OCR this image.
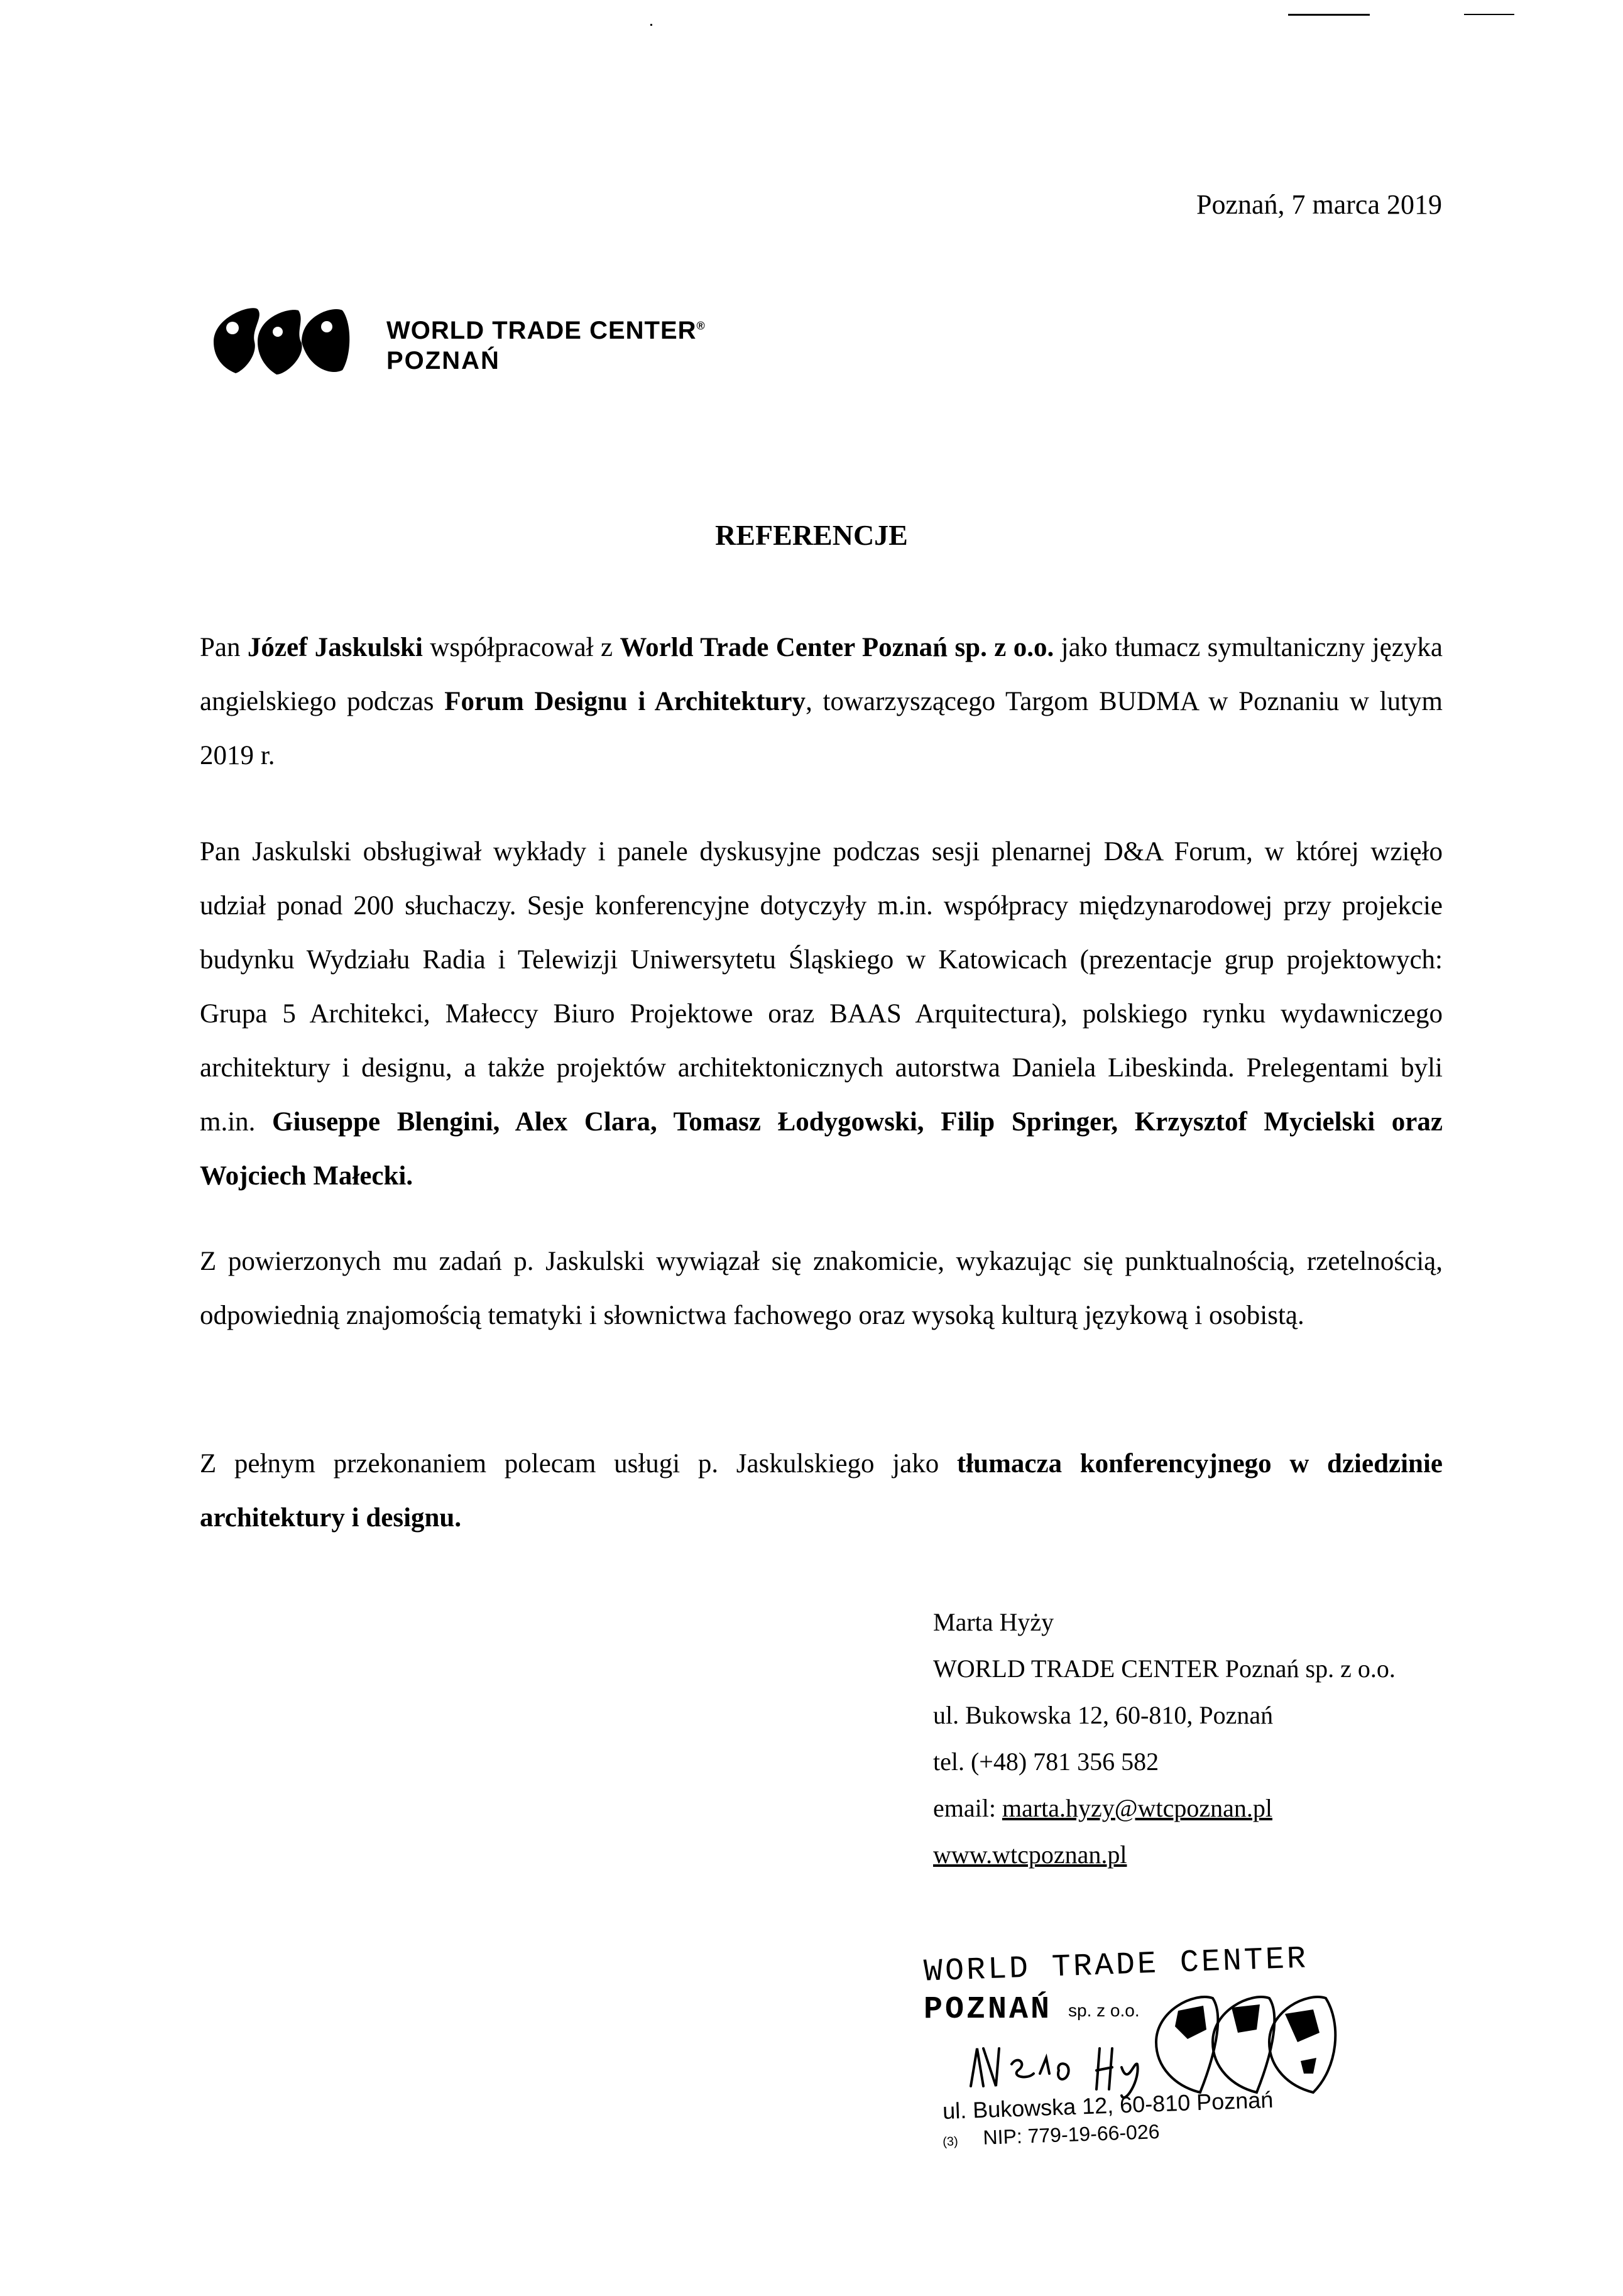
Poznań, 7 marca 2019
WORLD TRADE CENTER®
POZNAŃ
REFERENCJE
Pan Józef Jaskulski współpracował z World Trade Center Poznań sp. z o.o. jako tłumacz symultaniczny języka angielskiego podczas Forum Designu i Architektury, towarzyszącego Targom BUDMA w Poznaniu w lutym 2019 r.
Pan Jaskulski obsługiwał wykłady i panele dyskusyjne podczas sesji plenarnej D&A Forum, w której wzięło udział ponad 200 słuchaczy. Sesje konferencyjne dotyczyły m.in. współpracy międzynarodowej przy projekcie budynku Wydziału Radia i Telewizji Uniwersytetu Śląskiego w Katowicach (prezentacje grup projektowych: Grupa 5 Architekci, Małeccy Biuro Projektowe oraz BAAS Arquitectura), polskiego rynku wydawniczego architektury i designu, a także projektów architektonicznych autorstwa Daniela Libeskinda. Prelegentami byli m.in. Giuseppe Blengini, Alex Clara, Tomasz Łodygowski, Filip Springer, Krzysztof Mycielski oraz Wojciech Małecki.
Z powierzonych mu zadań p. Jaskulski wywiązał się znakomicie, wykazując się punktualnością, rzetelnością, odpowiednią znajomością tematyki i słownictwa fachowego oraz wysoką kulturą językową i osobistą.
Z pełnym przekonaniem polecam usługi p. Jaskulskiego jako tłumacza konferencyjnego w dziedzinie architektury i designu.
Marta Hyży
WORLD TRADE CENTER Poznań sp. z o.o.
ul. Bukowska 12, 60-810, Poznań
tel. (+48) 781 356 582
email: marta.hyzy@wtcpoznan.pl
www.wtcpoznan.pl
WORLD TRADE CENTER
POZNAŃ sp. z o.o.
ul. Bukowska 12, 60-810 Poznań
(3) NIP: 779-19-66-026
